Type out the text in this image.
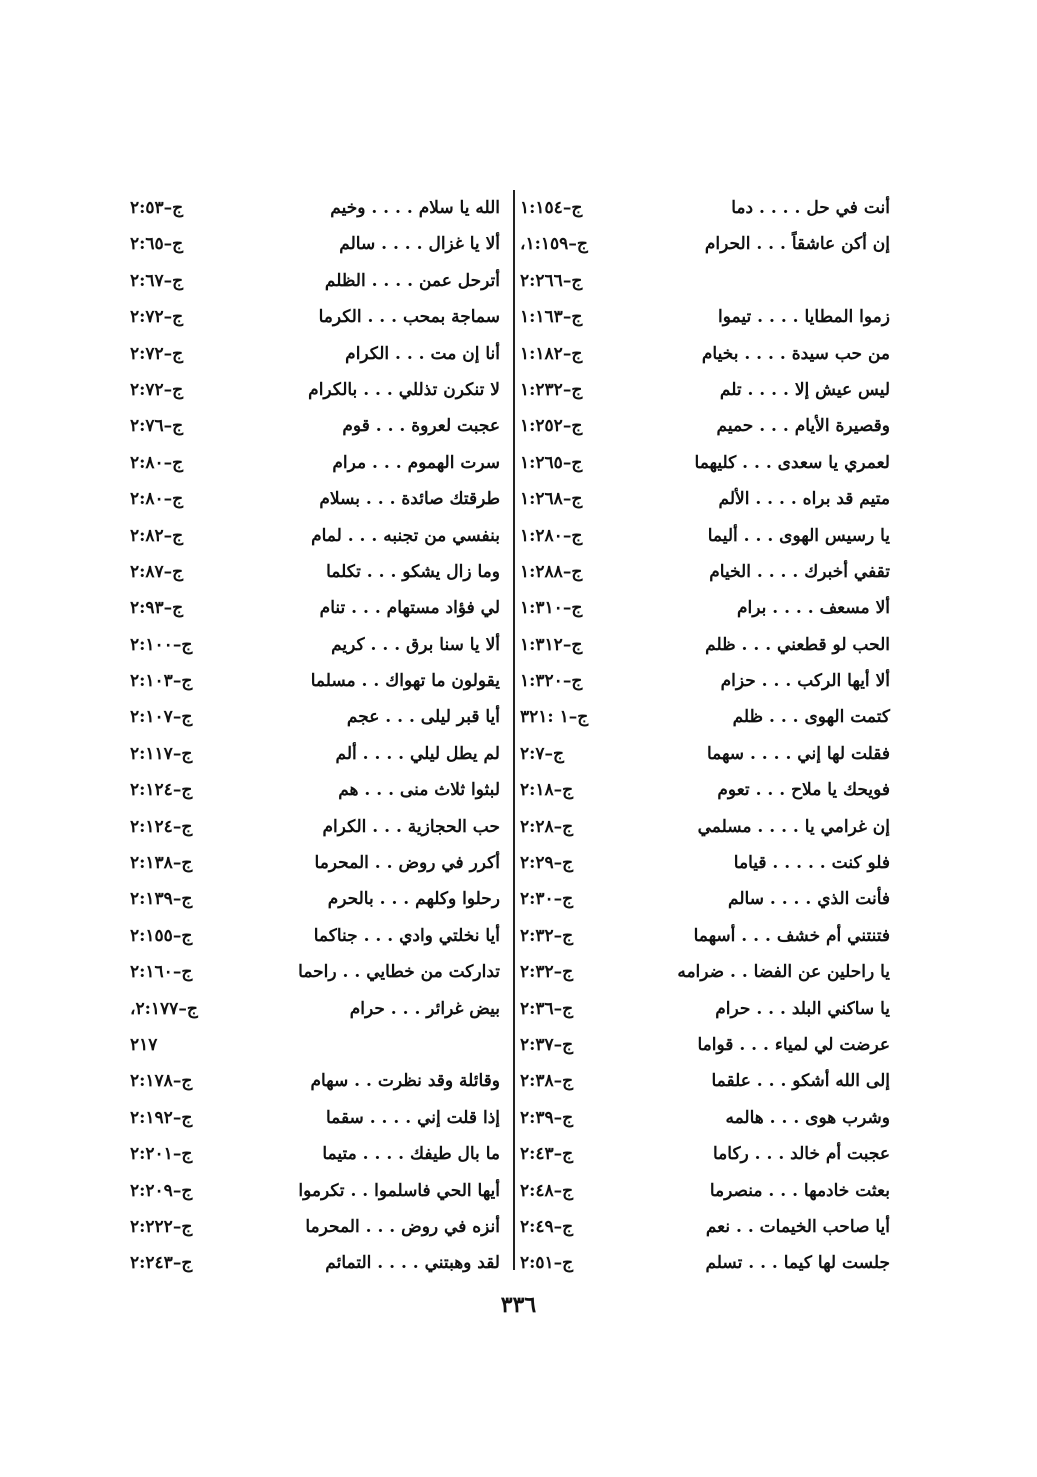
أنت في حل . . . . دما
ج–١:١٥٤
إن أكن عاشقاً . . . الحرام
ج–١:١٥٩،
ج–٢:٢٦٦
زموا المطايا . . . . تيموا
ج–١:١٦٣
من حب سيدة . . . . بخيام
ج–١:١٨٢
ليس عيش إلا . . . . تلم
ج–١:٢٣٢
وقصيرة الأيام . . . حميم
ج–١:٢٥٢
لعمري يا سعدى . . . كليهما
ج–١:٢٦٥
متيم قد براه . . . . الألم
ج–١:٢٦٨
يا رسيس الهوى . . . أليما
ج–١:٢٨٠
تقفي أخبرك . . . . الخيام
ج–١:٢٨٨
ألا مسعف . . . . برام
ج–١:٣١٠
الحب لو قطعني . . . ظلم
ج–١:٣١٢
ألا أيها الركب . . . حزام
ج–١:٣٢٠
كتمت الهوى . . . ظلم
ج–١ :٣٢١
فقلت لها إني . . . . سهما
ج–٢:٧
فويحك يا ملاح . . . تعوم
ج–٢:١٨
إن غرامي يا . . . . مسلمي
ج–٢:٢٨
فلو كنت . . . . . قياما
ج–٢:٢٩
فأنت الذي . . . . سالم
ج–٢:٣٠
فتنتني أم خشف . . . أسهما
ج–٢:٣٢
يا راحلين عن الفضا . . ضرامه
ج–٢:٣٢
يا ساكني البلد . . . حرام
ج–٢:٣٦
عرضت لي لمياء . . . قواما
ج–٢:٣٧
إلى الله أشكو . . . علقما
ج–٢:٣٨
وشرب هوى . . . هالمه
ج–٢:٣٩
عجبت أم خالد . . . ركاما
ج–٢:٤٣
بعثت خادمها . . . منصرما
ج–٢:٤٨
أيا صاحب الخيمات . . نعم
ج–٢:٤٩
جلست لها كيما . . . تسلم
ج–٢:٥١
الله يا سلام . . . . وخيم
ج–٢:٥٣
ألا يا غزال . . . . سالم
ج–٢:٦٥
أترحل عمن . . . . الظلم
ج–٢:٦٧
سماجة بمحب . . . الكرما
ج–٢:٧٢
أنا إن مت . . . الكرام
ج–٢:٧٢
لا تنكرن تذللي . . . بالكرام
ج–٢:٧٢
عجبت لعروة . . . قوم
ج–٢:٧٦
سرت الهموم . . . مرام
ج–٢:٨٠
طرقتك صائدة . . . بسلام
ج–٢:٨٠
بنفسي من تجنبه . . . لمام
ج–٢:٨٢
وما زال يشكو . . . تكلما
ج–٢:٨٧
لي فؤاد مستهام . . . تنام
ج–٢:٩٣
ألا يا سنا برق . . . كريم
ج–٢:١٠٠
يقولون ما تهواك . . مسلما
ج–٢:١٠٣
أيا قبر ليلى . . . عجم
ج–٢:١٠٧
لم يطل ليلي . . . . ألم
ج–٢:١١٧
لبثوا ثلاث منى . . . هم
ج–٢:١٢٤
حب الحجازية . . . الكرام
ج–٢:١٢٤
أكرر في روض . . المحرما
ج–٢:١٣٨
رحلوا وكلهم . . . بالحرم
ج–٢:١٣٩
أيا نخلتي وادي . . . جناكما
ج–٢:١٥٥
تداركت من خطايي . . راحما
ج–٢:١٦٠
بيض غرائر . . . حرام
ج–٢:١٧٧،
٢١٧
وقائلة وقد نظرت . . سهام
ج–٢:١٧٨
إذا قلت إني . . . . سقما
ج–٢:١٩٢
ما بال طيفك . . . . متيما
ج–٢:٢٠١
أيها الحي فاسلموا . . تكرموا
ج–٢:٢٠٩
أنزه في روض . . . المحرما
ج–٢:٢٢٢
لقد وهبتني . . . . التمائم
ج–٢:٢٤٣
٣٣٦
